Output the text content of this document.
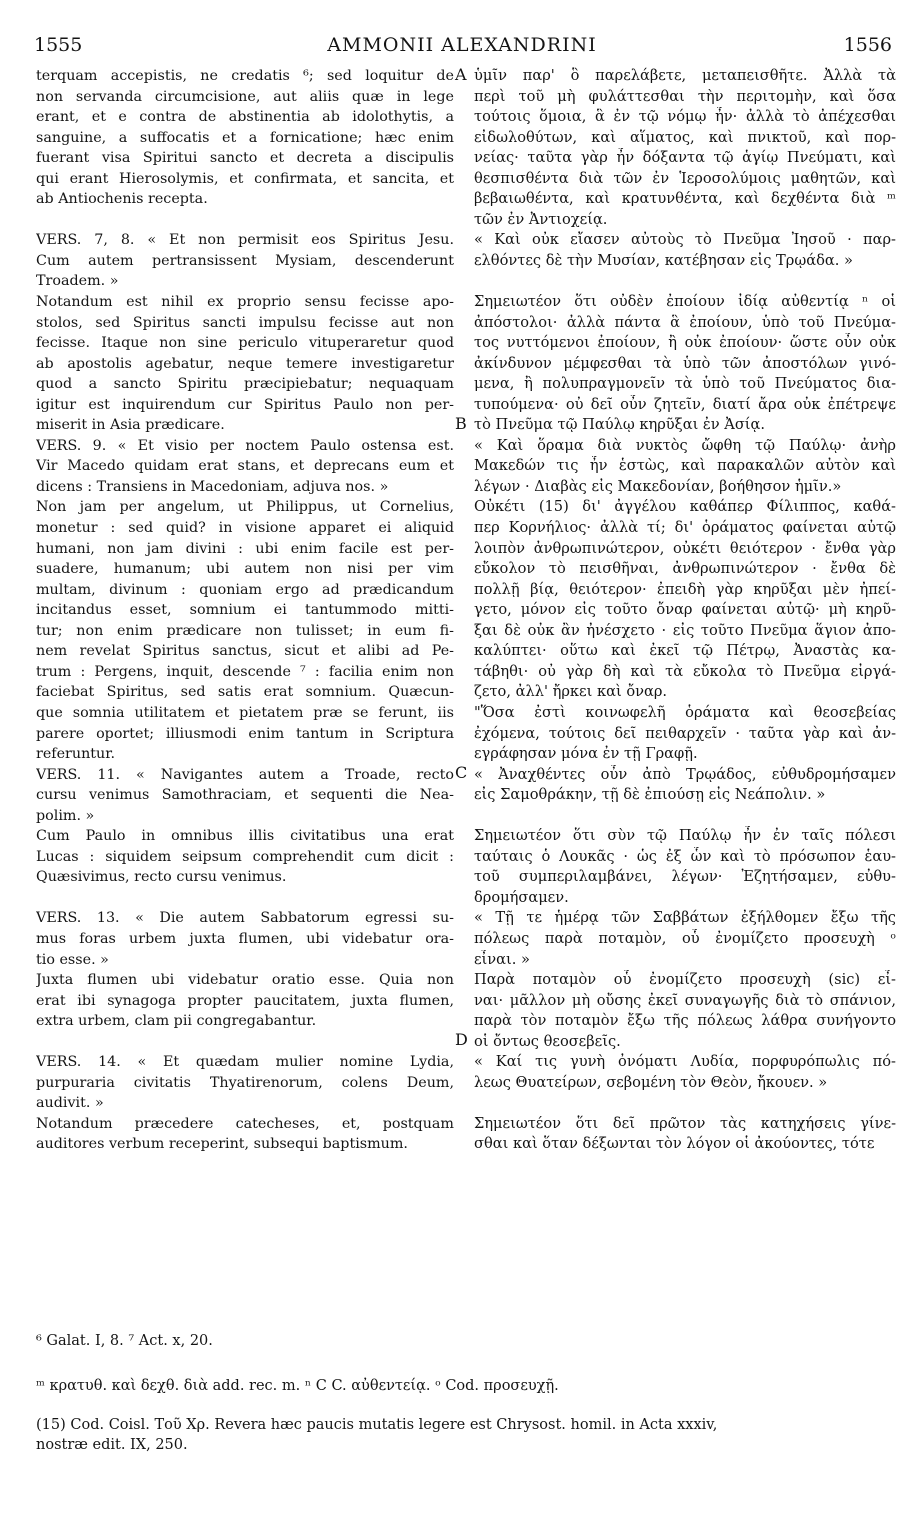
1555	AMMONII ALEXANDRINI	1556
terquam accepistis, ne credatis ⁶; sed loquitur de
non servanda circumcisione, aut aliis quæ in lege
erant, et e contra de abstinentia ab idolothytis, a
sanguine, a suffocatis et a fornicatione; hæc enim
fuerant visa Spiritui sancto et decreta a discipulis
qui erant Hierosolymis, et confirmata, et sancita, et
ab Antiochenis recepta.
VERS. 7, 8. « Et non permisit eos Spiritus Jesu.
Cum autem pertransissent Mysiam, descenderunt
Troadem. »
Notandum est nihil ex proprio sensu fecisse apo-
stolos, sed Spiritus sancti impulsu fecisse aut non
fecisse. Itaque non sine periculo vituperaretur quod
ab apostolis agebatur, neque temere investigaretur
quod a sancto Spiritu præcipiebatur; nequaquam
igitur est inquirendum cur Spiritus Paulo non per-
miserit in Asia prædicare.
VERS. 9. « Et visio per noctem Paulo ostensa est.
Vir Macedo quidam erat stans, et deprecans eum et
dicens : Transiens in Macedoniam, adjuva nos. »
Non jam per angelum, ut Philippus, ut Cornelius,
monetur : sed quid? in visione apparet ei aliquid
humani, non jam divini : ubi enim facile est per-
suadere, humanum; ubi autem non nisi per vim
multam, divinum : quoniam ergo ad prædicandum
incitandus esset, somnium ei tantummodo mitti-
tur; non enim prædicare non tulisset; in eum fi-
nem revelat Spiritus sanctus, sicut et alibi ad Pe-
trum : Pergens, inquit, descende ⁷ : facilia enim non
faciebat Spiritus, sed satis erat somnium. Quæcun-
que somnia utilitatem et pietatem præ se ferunt, iis
parere oportet; illiusmodi enim tantum in Scriptura
referuntur.
VERS. 11. « Navigantes autem a Troade, recto
cursu venimus Samothraciam, et sequenti die Nea-
polim. »
Cum Paulo in omnibus illis civitatibus una erat
Lucas : siquidem seipsum comprehendit cum dicit :
Quæsivimus, recto cursu venimus.
VERS. 13. « Die autem Sabbatorum egressi su-
mus foras urbem juxta flumen, ubi videbatur ora-
tio esse. »
Juxta flumen ubi videbatur oratio esse. Quia non
erat ibi synagoga propter paucitatem, juxta flumen,
extra urbem, clam pii congregabantur.
VERS. 14. « Et quædam mulier nomine Lydia,
purpuraria civitatis Thyatirenorum, colens Deum,
audivit. »
Notandum præcedere catecheses, et, postquam
auditores verbum receperint, subsequi baptismum.
ὑμῖν παρ' ὃ παρελάβετε, μεταπεισθῆτε. Ἀλλὰ τὰ
περὶ τοῦ μὴ φυλάττεσθαι τὴν περιτομὴν, καὶ ὅσα
τούτοις ὅμοια, ἃ ἐν τῷ νόμῳ ἦν· ἀλλὰ τὸ ἀπέχεσθαι
εἰδωλοθύτων, καὶ αἵματος, καὶ πνικτοῦ, καὶ πορ-
νείας· ταῦτα γὰρ ἦν δόξαντα τῷ ἁγίῳ Πνεύματι, καὶ
θεσπισθέντα διὰ τῶν ἐν Ἱεροσολύμοις μαθητῶν, καὶ
βεβαιωθέντα, καὶ κρατυνθέντα, καὶ δεχθέντα διὰ ᵐ
τῶν ἐν Ἀντιοχείᾳ.
« Καὶ οὐκ εἴασεν αὐτοὺς τὸ Πνεῦμα Ἰησοῦ · παρ-
ελθόντες δὲ τὴν Μυσίαν, κατέβησαν εἰς Τρῳάδα. »
Σημειωτέον ὅτι οὐδὲν ἐποίουν ἰδίᾳ αὐθεντίᾳ ⁿ οἱ
ἀπόστολοι· ἀλλὰ πάντα ἃ ἐποίουν, ὑπὸ τοῦ Πνεύμα-
τος νυττόμενοι ἐποίουν, ἢ οὐκ ἐποίουν· ὥστε οὖν οὐκ
ἀκίνδυνον μέμφεσθαι τὰ ὑπὸ τῶν ἀποστόλων γινό-
μενα, ἢ πολυπραγμονεῖν τὰ ὑπὸ τοῦ Πνεύματος δια-
τυπούμενα· οὐ δεῖ οὖν ζητεῖν, διατί ἄρα οὐκ ἐπέτρεψε
τὸ Πνεῦμα τῷ Παύλῳ κηρῦξαι ἐν Ἀσίᾳ.
« Καὶ ὅραμα διὰ νυκτὸς ὤφθη τῷ Παύλῳ· ἀνὴρ
Μακεδών τις ἦν ἑστὼς, καὶ παρακαλῶν αὐτὸν καὶ
λέγων · Διαβὰς εἰς Μακεδονίαν, βοήθησον ἡμῖν.»
Οὐκέτι (15) δι' ἀγγέλου καθάπερ Φίλιππος, καθά-
περ Κορνήλιος· ἀλλὰ τί; δι' ὁράματος φαίνεται αὐτῷ
λοιπὸν ἀνθρωπινώτερον, οὐκέτι θειότερον · ἔνθα γὰρ
εὔκολον τὸ πεισθῆναι, ἀνθρωπινώτερον · ἔνθα δὲ
πολλῇ βίᾳ, θειότερον· ἐπειδὴ γὰρ κηρῦξαι μὲν ἠπεί-
γετο, μόνον εἰς τοῦτο ὄναρ φαίνεται αὐτῷ· μὴ κηρῦ-
ξαι δὲ οὐκ ἂν ἠνέσχετο · εἰς τοῦτο Πνεῦμα ἅγιον ἀπο-
καλύπτει· οὕτω καὶ ἐκεῖ τῷ Πέτρῳ, Ἀναστὰς κα-
τάβηθι· οὐ γὰρ δὴ καὶ τὰ εὔκολα τὸ Πνεῦμα εἰργά-
ζετο, ἀλλ' ἤρκει καὶ ὄναρ.
"Ὅσα ἐστὶ κοινωφελῆ ὁράματα καὶ θεοσεβείας
ἐχόμενα, τούτοις δεῖ πειθαρχεῖν · ταῦτα γὰρ καὶ ἀν-
εγράφησαν μόνα ἐν τῇ Γραφῇ.
« Ἀναχθέντες οὖν ἀπὸ Τρῳάδος, εὐθυδρομήσαμεν
εἰς Σαμοθράκην, τῇ δὲ ἐπιούσῃ εἰς Νεάπολιν. »
Σημειωτέον ὅτι σὺν τῷ Παύλῳ ἦν ἐν ταῖς πόλεσι
ταύταις ὁ Λουκᾶς · ὡς ἐξ ὧν καὶ τὸ πρόσωπον ἑαυ-
τοῦ συμπεριλαμβάνει, λέγων· Ἐζητήσαμεν, εὐθυ-
δρομήσαμεν.
« Τῇ τε ἡμέρᾳ τῶν Σαββάτων ἐξήλθομεν ἔξω τῆς
πόλεως παρὰ ποταμὸν, οὗ ἐνομίζετο προσευχὴ ᵒ
εἶναι. »
Παρὰ ποταμὸν οὗ ἐνομίζετο προσευχὴ (sic) εἶ-
ναι· μᾶλλον μὴ οὔσης ἐκεῖ συναγωγῆς διὰ τὸ σπάνιον,
παρὰ τὸν ποταμὸν ἔξω τῆς πόλεως λάθρα συνήγοντο
οἱ ὄντως θεοσεβεῖς.
« Καί τις γυνὴ ὀνόματι Λυδία, πορφυρόπωλις πό-
λεως Θυατείρων, σεβομένη τὸν Θεὸν, ἤκουεν. »
Σημειωτέον ὅτι δεῖ πρῶτον τὰς κατηχήσεις γίνε-
σθαι καὶ ὅταν δέξωνται τὸν λόγον οἱ ἀκούοντες, τότε
A
B
C
D
⁶ Galat. I, 8. ⁷ Act. x, 20.
ᵐ κρατυθ. καὶ δεχθ. διὰ add. rec. m. ⁿ C C. αὐθεντείᾳ. ᵒ Cod. προσευχῇ.
(15) Cod. Coisl. Τοῦ Χρ. Revera hæc paucis mutatis legere est Chrysost. homil. in Acta xxxiv,
nostræ edit. IX, 250.
